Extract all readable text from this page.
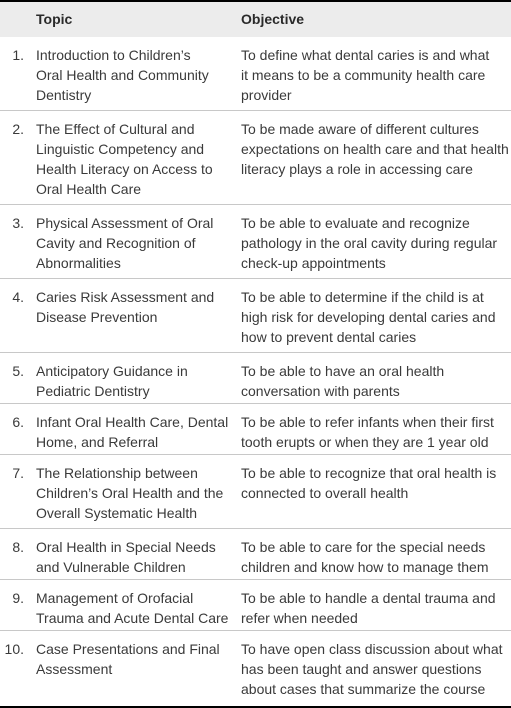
Topic	Objective
1. Introduction to Children’s
Oral Health and Community
Dentistry
To define what dental caries is and what
it means to be a community health care
provider
2. The Effect of Cultural and
Linguistic Competency and
Health Literacy on Access to
Oral Health Care
To be made aware of different cultures
expectations on health care and that health
literacy plays a role in accessing care
3. Physical Assessment of Oral
Cavity and Recognition of
Abnormalities
To be able to evaluate and recognize
pathology in the oral cavity during regular
check-up appointments
4. Caries Risk Assessment and
Disease Prevention
To be able to determine if the child is at
high risk for developing dental caries and
how to prevent dental caries
5. Anticipatory Guidance in
Pediatric Dentistry
To be able to have an oral health
conversation with parents
6. Infant Oral Health Care, Dental
Home, and Referral
To be able to refer infants when their first
tooth erupts or when they are 1 year old
7. The Relationship between
Children’s Oral Health and the
Overall Systematic Health
To be able to recognize that oral health is
connected to overall health
8. Oral Health in Special Needs
and Vulnerable Children
To be able to care for the special needs
children and know how to manage them
9. Management of Orofacial
Trauma and Acute Dental Care
To be able to handle a dental trauma and
refer when needed
10. Case Presentations and Final
Assessment
To have open class discussion about what
has been taught and answer questions
about cases that summarize the course
